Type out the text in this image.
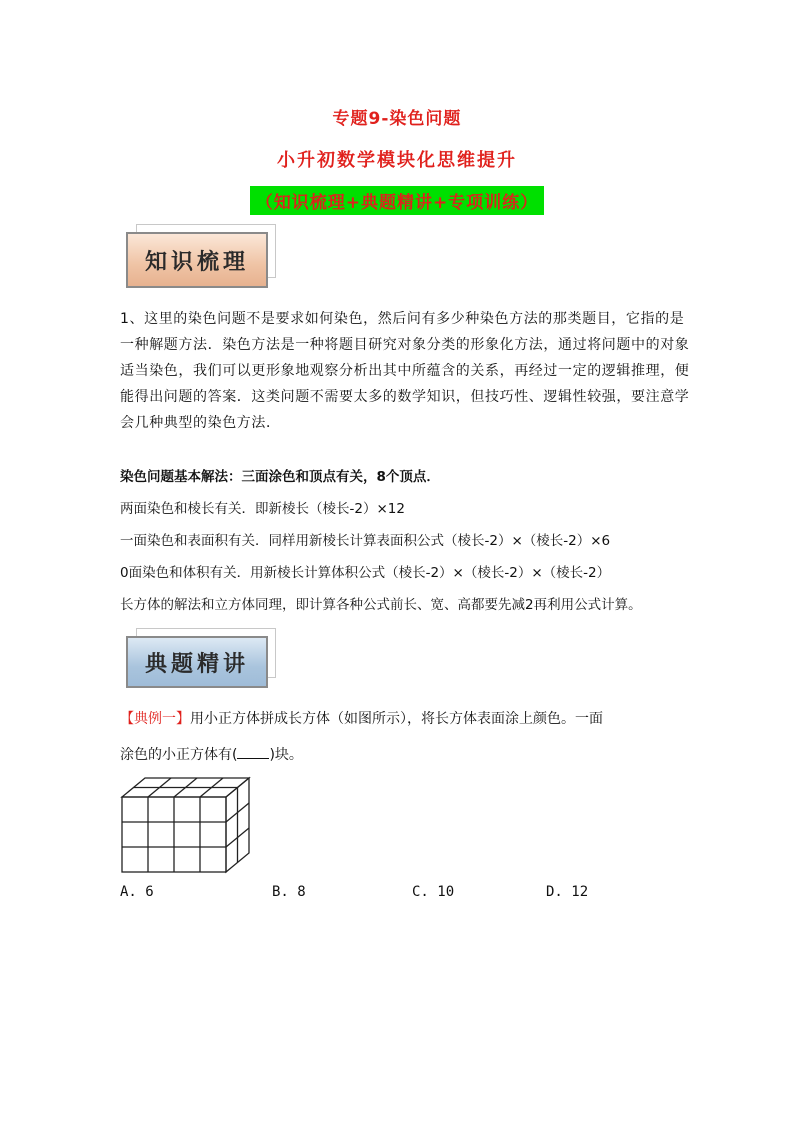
专题9-染色问题
小升初数学模块化思维提升
（知识梳理+典题精讲+专项训练）
知识梳理
1、这里的染色问题不是要求如何染色，然后问有多少种染色方法的那类题目，它指的是一种解题方法．染色方法是一种将题目研究对象分类的形象化方法，通过将问题中的对象适当染色，我们可以更形象地观察分析出其中所蕴含的关系，再经过一定的逻辑推理，便能得出问题的答案．这类问题不需要太多的数学知识，但技巧性、逻辑性较强，要注意学会几种典型的染色方法．
染色问题基本解法：三面涂色和顶点有关，8个顶点．
两面染色和棱长有关．即新棱长（棱长-2）×12
一面染色和表面积有关．同样用新棱长计算表面积公式（棱长-2）×（棱长-2）×6
0面染色和体积有关．用新棱长计算体积公式（棱长-2）×（棱长-2）×（棱长-2）
长方体的解法和立方体同理，即计算各种公式前长、宽、高都要先减2再利用公式计算。
典题精讲
【典例一】用小正方体拼成长方体（如图所示），将长方体表面涂上颜色。一面
涂色的小正方体有( )块。
A. 6	B. 8	C. 10	D. 12
